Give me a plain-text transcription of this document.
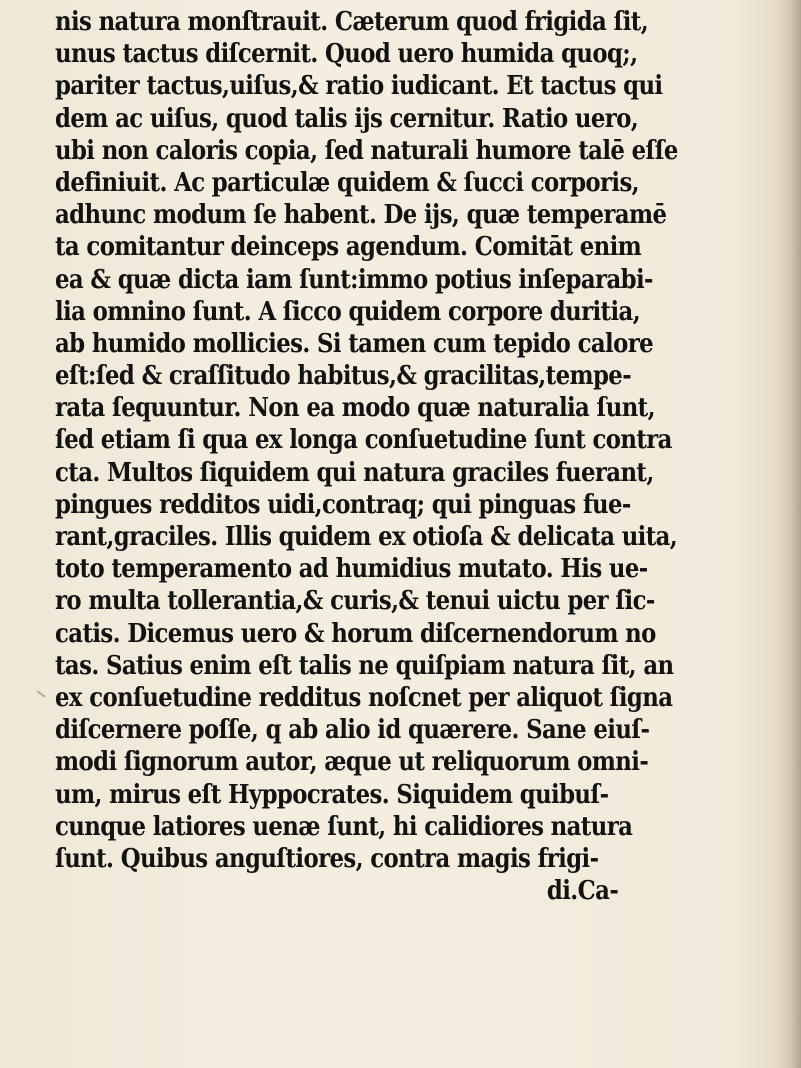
nis natura monſtrauit. Cæterum quod frigida ſit,
unus tactus diſcernit. Quod uero humida quoq;,
pariter tactus,uiſus,& ratio iudicant. Et tactus qui
dem ac uiſus, quod talis ijs cernitur. Ratio uero,
ubi non caloris copia, ſed naturali humore talē eſſe
definiuit. Ac particulæ quidem & ſucci corporis,
adhunc modum ſe habent. De ijs, quæ temperamē
ta comitantur deinceps agendum. Comitāt enim
ea & quæ dicta iam ſunt:immo potius inſeparabi-
lia omnino ſunt. A ſicco quidem corpore duritia,
ab humido mollicies. Si tamen cum tepido calore
eſt:ſed & craſſitudo habitus,& gracilitas,tempe-
rata ſequuntur. Non ea modo quæ naturalia ſunt,
ſed etiam ſi qua ex longa conſuetudine ſunt contra
cta. Multos ſiquidem qui natura graciles fuerant,
pingues redditos uidi,contraq; qui pinguas fue-
rant,graciles. Illis quidem ex otioſa & delicata uita,
toto temperamento ad humidius mutato. His ue-
ro multa tollerantia,& curis,& tenui uictu per ſic-
catis. Dicemus uero & horum diſcernendorum no
tas. Satius enim eſt talis ne quiſpiam natura ſit, an
ex conſuetudine redditus noſcnet per aliquot ſigna
diſcernere poſſe, q ab alio id quærere. Sane eiuſ-
modi ſignorum autor, æque ut reliquorum omni-
um, mirus eſt Hyppocrates. Siquidem quibuſ-
cunque latiores uenæ ſunt, hi calidiores natura
ſunt. Quibus anguſtiores, contra magis frigi-
di.Ca-
